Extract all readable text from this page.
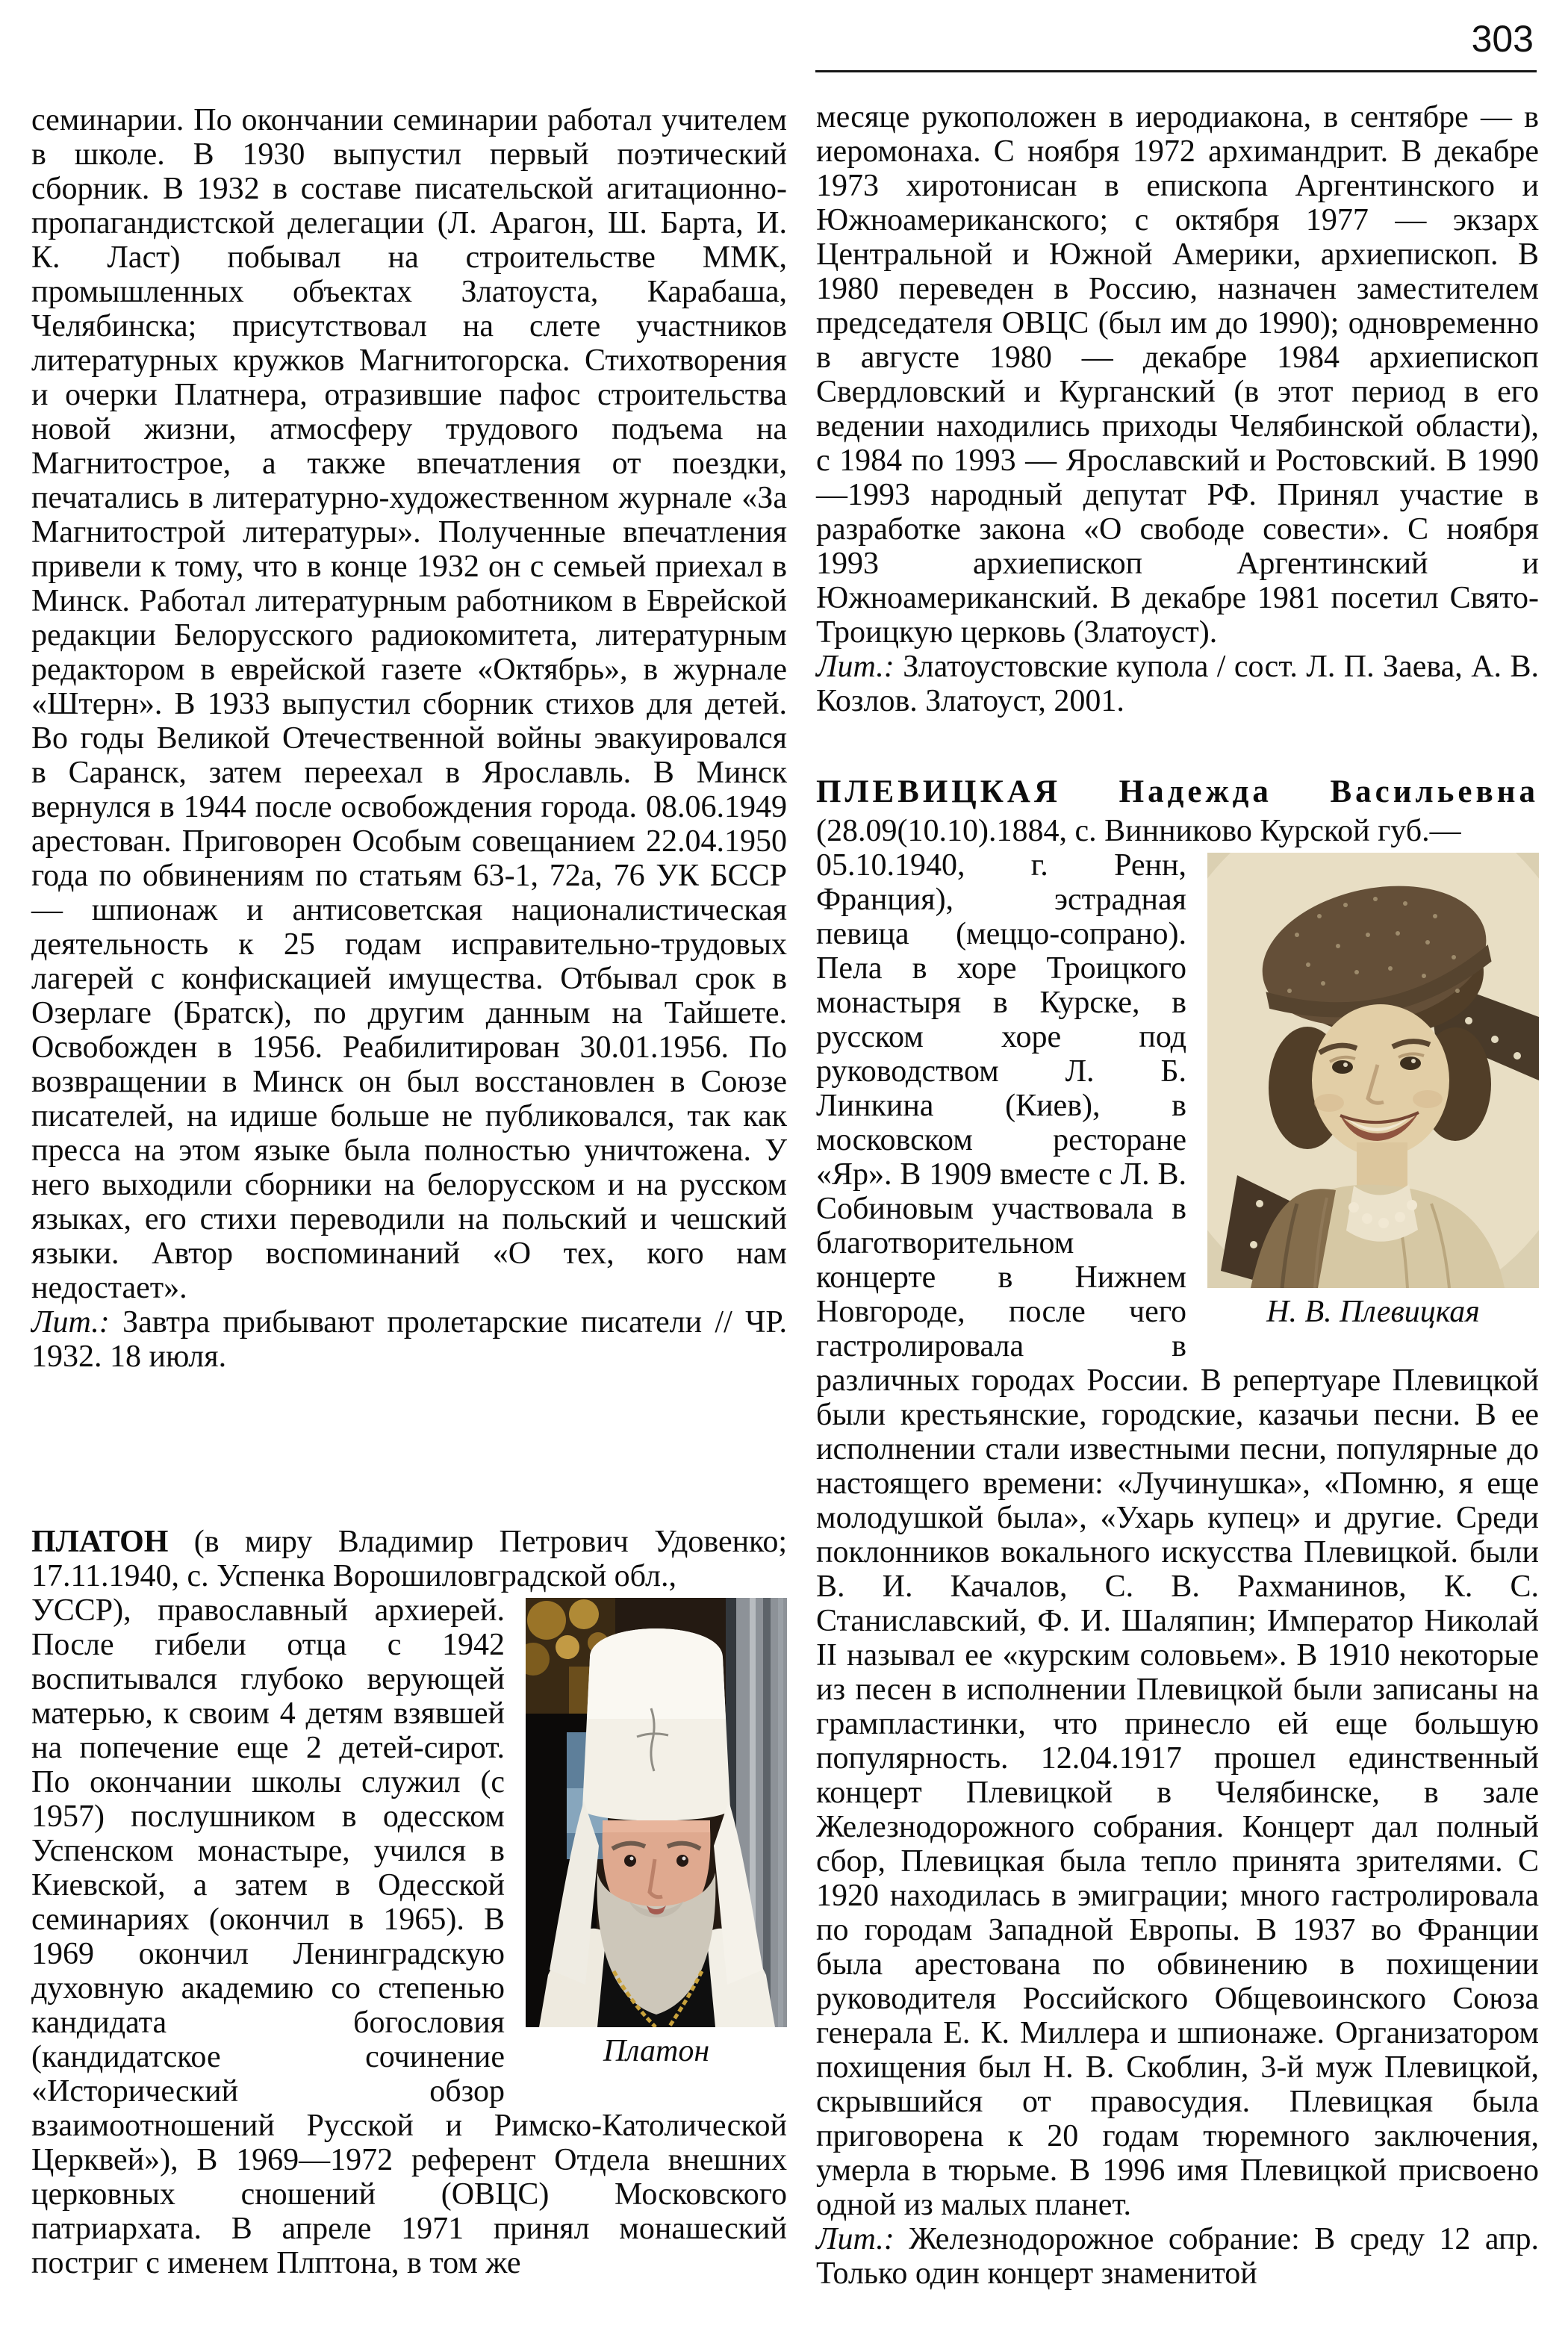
303

семинарии. По окончании семинарии работал учителем в школе. В 1930 выпустил первый поэтический сборник. В 1932 в составе писательской агитационно-пропагандистской делегации (Л. Арагон, Ш. Барта, И. К. Ласт) побывал на строительстве ММК, промышленных объектах Златоуста, Карабаша, Челябинска; присутствовал на слете участников литературных кружков Магнитогорска. Стихотворения и очерки Платнера, отразившие пафос строительства новой жизни, атмосферу трудового подъема на Магнитострое, а также впечатления от поездки, печатались в литературно-художественном журнале «За Магнитострой литературы». Полученные впечатления привели к тому, что в конце 1932 он с семьей приехал в Минск. Работал литературным работником в Еврейской редакции Белорусского радиокомитета, литературным редактором в еврейской газете «Октябрь», в журнале «Штерн». В 1933 выпустил сборник стихов для детей. Во годы Великой Отечественной войны эвакуировался в Саранск, затем переехал в Ярославль. В Минск вернулся в 1944 после освобождения города. 08.06.1949 арестован. Приговорен Особым совещанием 22.04.1950 года по обвинениям по статьям 63-1, 72а, 76 УК БССР — шпионаж и антисоветская националистическая деятельность к 25 годам исправительно-трудовых лагерей с конфискацией имущества. Отбывал срок в Озерлаге (Братск), по другим данным на Тайшете. Освобожден в 1956. Реабилитирован 30.01.1956. По возвращении в Минск он был восстановлен в Союзе писателей, на идише больше не публиковался, так как пресса на этом языке была полностью уничтожена. У него выходили сборники на белорусском и на русском языках, его стихи переводили на польский и чешский языки. Автор воспоминаний «О тех, кого нам недостает».

Лит.: Завтра прибывают пролетарские писатели // ЧР. 1932. 18 июля.

ПЛАТОН (в миру Владимир Петрович Удовенко; 17.11.1940, с. Успенка Ворошиловградской обл.,

Платон

УССР), православный архиерей. После гибели отца с 1942 воспитывался глубоко верующей матерью, к своим 4 детям взявшей на попечение еще 2 детей-сирот. По окончании школы служил (с 1957) послушником в одесском Успенском монастыре, учился в Киевской, а затем в Одесской семинариях (окончил в 1965). В 1969 окончил Ленинградскую духовную академию со степенью кандидата богословия (кандидатское сочинение «Исторический обзор взаимоотношений Русской и Римско-Католической Церквей»), В 1969—1972 референт Отдела внешних церковных сношений (ОВЦС) Московского патриархата. В апреле 1971 принял монашеский постриг с именем Плптона, в том же

месяце рукоположен в иеродиакона, в сентябре — в иеромонаха. С ноября 1972 архимандрит. В декабре 1973 хиротонисан в епископа Аргентинского и Южноамериканского; с октября 1977 — экзарх Центральной и Южной Америки, архиепископ. В 1980 переведен в Россию, назначен заместителем председателя ОВЦС (был им до 1990); одновременно в августе 1980 — декабре 1984 архиепископ Свердловский и Курганский (в этот период в его ведении находились приходы Челябинской области), с 1984 по 1993 — Ярославский и Ростовский. В 1990—1993 народный депутат РФ. Принял участие в разработке закона «О свободе совести». С ноября 1993 архиепископ Аргентинский и Южноамериканский. В декабре 1981 посетил Свято-Троицкую церковь (Златоуст).

Лит.: Златоустовские купола / сост. Л. П. Заева, А. В. Козлов. Златоуст, 2001.

ПЛЕВИЦКАЯ Надежда Васильевна

(28.09(10.10).1884, с. Винниково Курской губ.—

Н. В. Плевицкая

05.10.1940, г. Ренн, Франция), эстрадная певица (меццо-сопрано). Пела в хоре Троицкого монастыря в Курске, в русском хоре под руководством Л. Б. Линкина (Киев), в московском ресторане «Яр». В 1909 вместе с Л. В. Собиновым участвовала в благотворительном концерте в Нижнем Новгороде, после чего гастролировала в различных городах России. В репертуаре Плевицкой были крестьянские, городские, казачьи песни. В ее исполнении стали известными песни, популярные до настоящего времени: «Лучинушка», «Помню, я еще молодушкой была», «Ухарь купец» и другие. Среди поклонников вокального искусства Плевицкой. были В. И. Качалов, С. В. Рахманинов, К. С. Станиславский, Ф. И. Шаляпин; Император Николай II называл ее «курским соловьем». В 1910 некоторые из песен в исполнении Плевицкой были записаны на грампластинки, что принесло ей еще большую популярность. 12.04.1917 прошел единственный концерт Плевицкой в Челябинске, в зале Железнодорожного собрания. Концерт дал полный сбор, Плевицкая была тепло принята зрителями. С 1920 находилась в эмиграции; много гастролировала по городам Западной Европы. В 1937 во Франции была арестована по обвинению в похищении руководителя Российского Общевоинского Союза генерала Е. К. Миллера и шпионаже. Организатором похищения был Н. В. Скоблин, 3-й муж Плевицкой, скрывшийся от правосудия. Плевицкая была приговорена к 20 годам тюремного заключения, умерла в тюрьме. В 1996 имя Плевицкой присвоено одной из малых планет.

Лит.: Железнодорожное собрание: В среду 12 апр. Только один концерт знаменитой
